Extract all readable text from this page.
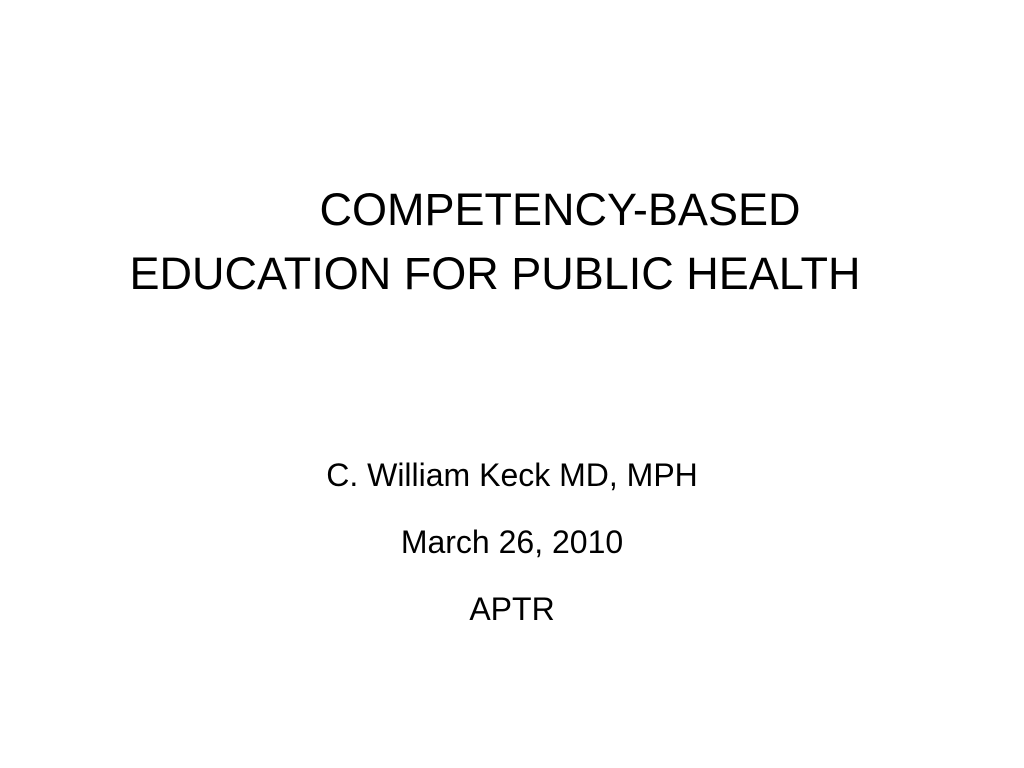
COMPETENCY-BASED
EDUCATION FOR PUBLIC HEALTH
C. William Keck MD, MPH
March 26, 2010
APTR
